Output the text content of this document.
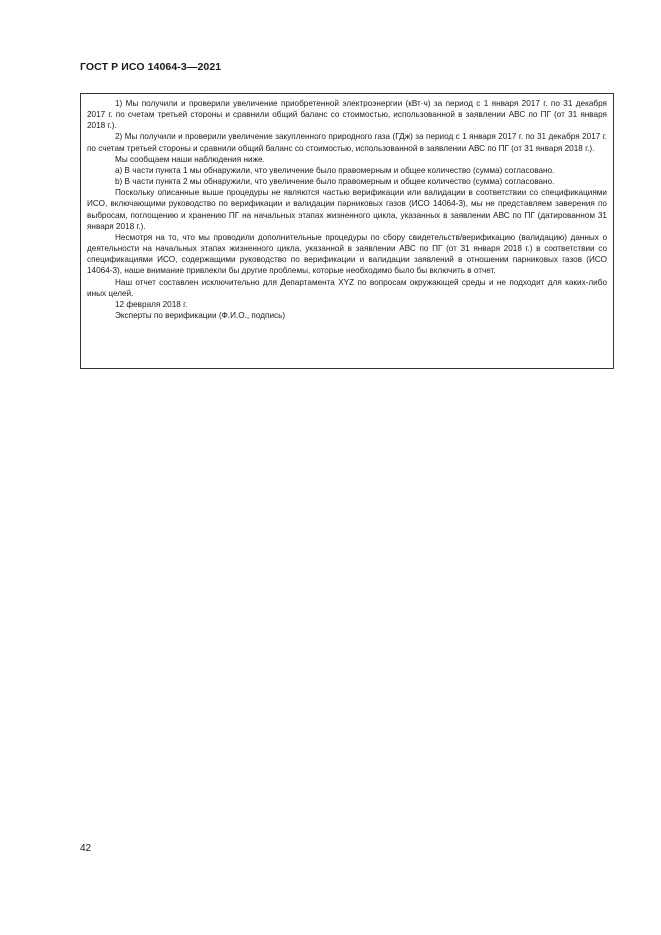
ГОСТ Р ИСО 14064-3—2021

1) Мы получили и проверили увеличение приобретенной электроэнергии (кВт·ч) за период с 1 января 2017 г. по 31 декабря 2017 г. по счетам третьей стороны и сравнили общий баланс со стоимостью, использованной в заявлении АВС по ПГ (от 31 января 2018 г.).

2) Мы получили и проверили увеличение закупленного природного газа (ГДж) за период с 1 января 2017 г. по 31 декабря 2017 г. по счетам третьей стороны и сравнили общий баланс со стоимостью, использованной в заявлении АВС по ПГ (от 31 января 2018 г.).

Мы сообщаем наши наблюдения ниже.

а) В части пункта 1 мы обнаружили, что увеличение было правомерным и общее количество (сумма) согласовано.

b) В части пункта 2 мы обнаружили, что увеличение было правомерным и общее количество (сумма) согласовано.

Поскольку описанные выше процедуры не являются частью верификации или валидации в соответствии со спецификациями ИСО, включающими руководство по верификации и валидации парниковых газов (ИСО 14064-3), мы не представляем заверения по выбросам, поглощению и хранению ПГ на начальных этапах жизненного цикла, указанных в заявлении АВС по ПГ (датированном 31 января 2018 г.).

Несмотря на то, что мы проводили дополнительные процедуры по сбору свидетельств/верификацию (валидацию) данных о деятельности на начальных этапах жизненного цикла, указанной в заявлении АВС по ПГ (от 31 января 2018 г.) в соответствии со спецификациями ИСО, содержащими руководство по верификации и валидации заявлений в отношении парниковых газов (ИСО 14064-3), наше внимание привлекли бы другие проблемы, которые необходимо было бы включить в отчет.

Наш отчет составлен исключительно для Департамента XYZ по вопросам окружающей среды и не подходит для каких-либо иных целей.

12 февраля 2018 г.

Эксперты по верификации (Ф.И.О., подпись)

42
